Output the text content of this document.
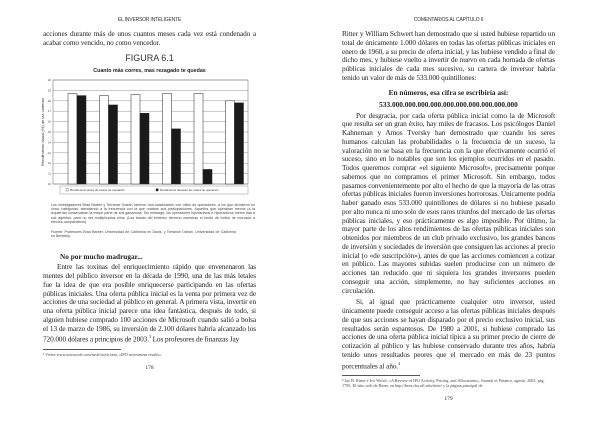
EL INVERSOR INTELIGENTE
acciones durante más de unos cuantos meses cada vez está condenado a acabar como vencido, no como vencedor.
FIGURA 6.1
Cuanto más corres, mas rezagado te quedas
10
11
12
13
14
15
16
17
18
19
20
Rendimiento anual (%) de las carteras
Rendimiento antes de costes de operación	Rendimiento después de costes de operación
Los investigadores Brad Barber y Terrance Odean hicieron una clasificación con miles de operadores, a los que dividieron en cinco categorías, atendiendo a la frecuencia con la que rotaban sus participaciones. Aquellos que operaban menos (a la izquierda) conservaban la mayor parte de sus ganancias. Sin embargo, los operadores hiperactivos e hiperactivos fueron tras a sus agentes, para no ser multiplicados ellos. (Las barras del extremo derecho muestran el fondo de índice de mercado a efectos comparativos).
Fuente: Profesores Brad Barber, Universidad de California en Davis, y Terrance Odean, Universidad de California en Berkeley.
No por mucho madrugar...
Entre las toxinas del enriquecimiento rápido que envenenaron las mentes del público inversor en la década de 1990, una de las más letales fue la idea de que era posible enriquecerse participando en las ofertas públicas iniciales. Una oferta pública inicial es la venta por primera vez de acciones de una sociedad al público en general. A primera vista, invertir en una oferta pública inicial parece una idea fantástica, después de todo, si alguien hubiese comprado 100 acciones de Microsoft cuando salió a bolsa el 13 de marzo de 1986, su inversión de 2.100 dólares habría alcanzado los 720.000 dólares a principios de 2003.$^3$ Los profesores de finanzas Jay
³ Véase www.microsoft.com/msft/stock.htm, «IPO investment results».
178
COMENTARIOS AL CAPÍTULO 6
Ritter y William Schwert han demostrado que si usted hubiese repartido un total de únicamente 1.000 dólares en todas las ofertas públicas iniciales en enero de 1960, a su precio de oferta inicial, y las hubiese vendido a final de dicho mes, y hubiese vuelto a invertir de nuevo en cada hornada de ofertas públicas iniciales de cada mes sucesivo, su cartera de inversor habría tenido un valor de más de 533.000 quintillones:
En números, esa cifra se escribiría así:
533.000.000.000.000.000.000.000.000.000.000
Por desgracia, por cada oferta pública inicial como la de Microsoft que resulta ser un gran éxito, hay miles de fracasos. Los psicólogos Daniel Kahneman y Amos Tversky han demostrado que cuando los seres humanos calculan las probabilidades o la frecuencia de un suceso, la valoración no se basa en la frecuencia con la que efectivamente ocurrió el suceso, sino en lo notables que son los ejemplos ocurridos en el pasado. Todos queremos comprar «el siguiente Microsoft», precisamente porque sabemos que no compramos el primer Microsoft. Sin embargo, todos pasamos convenientemente por alto el hecho de que la mayoría de las otras ofertas públicas iniciales fueron inversiones horrorosas. Únicamente podría haber ganado esos 533.000 quintillones de dólares si no hubiese pasado por alto nunca ni uno solo de esos raros triunfos del mercado de las ofertas públicas iniciales, y eso prácticamente es algo imposible. Por último, la mayor parte de los altos rendimientos de las ofertas públicas iniciales son obtenidos por miembros de un club privado exclusivo, los grandes bancos de inversión y sociedades de inversión que consiguen las acciones al precio inicial (o «de suscripción»), antes de que las acciones comiencen a cotizar en público. Las mayores subidas suelen producirse con un número de acciones tan reducido que ni siquiera los grandes inversores pueden conseguir una acción, simplemente, no hay suficientes acciones en circulación.
Si, al igual que prácticamente cualquier otro inversor, usted únicamente puede conseguir acceso a las ofertas públicas iniciales después de que sus acciones se hayan disparado por el precio exclusivo inicial, sus resultados serán espantosos. De 1980 a 2001, si hubiese comprado las acciones de una oferta pública inicial típica a su primer precio de cierre de cotización al público y las hubiese conservado durante tres años, habría tenido unos resultados peores que el mercado en más de 23 puntos porcentuales al año.$^4$
⁴ Jay R. Ritter e Ivo Welch: «A Review of IPO Activity, Pricing, and Allocations», Journal of Finance, agosto, 2002, pág. 1795. El sitio web de Ritter, en http://bear.cba.ufl.edu/ritter/ y la página principal de
179
